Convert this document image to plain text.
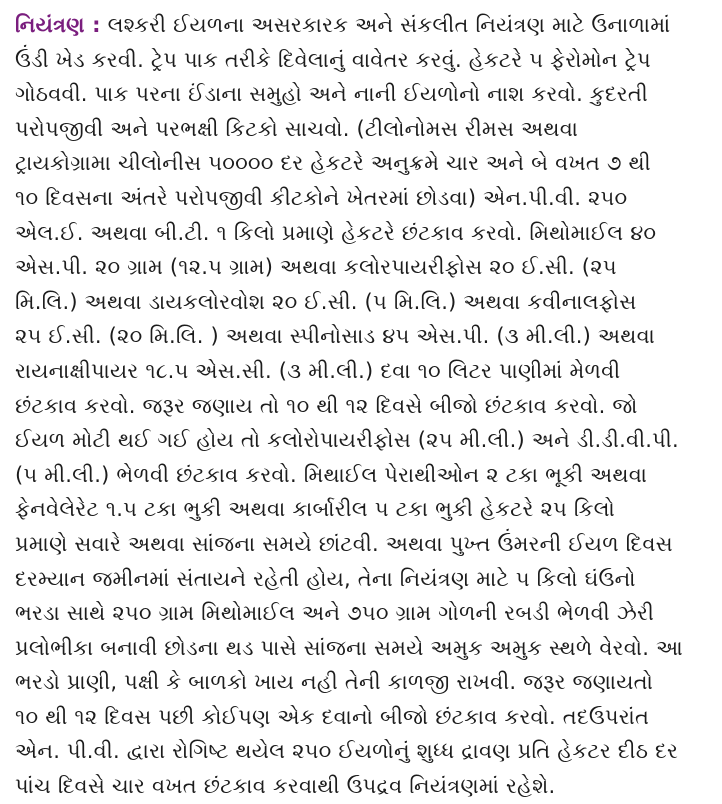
નિયંત્રણ : લશ્કરી ઈયળના અસરકારક અને સંકલીત નિયંત્રણ માટે ઉનાળામાં
ઉંડી ખેડ કરવી. ટ્રેપ પાક તરીકે દિવેલાનું વાવેતર કરવું. હેકટરે ૫ ફેરોમોન ટ્રેપ
ગોઠવવી. પાક પરના ઈંડાના સમુહો અને નાની ઈયળોનો નાશ કરવો. કુદરતી
પરોપજીવી અને પરભક્ષી કિટકો સાચવો. (ટીલોનોમસ રીમસ અથવા
ટ્રાયકોગ્રામા ચીલોનીસ ૫૦૦૦૦ દર હેકટરે અનુક્રમે ચાર અને બે વખત ૭ થી
૧૦ દિવસના અંતરે પરોપજીવી કીટકોને ખેતરમાં છોડવા) એન.પી.વી. ૨૫૦
એલ.ઈ. અથવા બી.ટી. ૧ કિલો પ્રમાણે હેકટરે છંટકાવ કરવો. મિથોમાઈલ ૪૦
એસ.પી. ૨૦ ગ્રામ (૧૨.૫ ગ્રામ) અથવા કલોરપાયરીફોસ ૨૦ ઈ.સી. (૨૫
મિ.લિ.) અથવા ડાયકલોરવોશ ૨૦ ઈ.સી. (૫ મિ.લિ.) અથવા કવીનાલફોસ
૨૫ ઈ.સી. (૨૦ મિ.લિ. ) અથવા સ્પીનોસાડ ૪૫ એસ.પી. (૩ મી.લી.) અથવા
રાયનાક્ષીપાયર ૧૮.૫ એસ.સી. (૩ મી.લી.) દવા ૧૦ લિટર પાણીમાં મેળવી
છંટકાવ કરવો. જરૂર જણાય તો ૧૦ થી ૧૨ દિવસે બીજો છંટકાવ કરવો. જો
ઈયળ મોટી થઈ ગઈ હોય તો કલોરોપાયરીફોસ (૨૫ મી.લી.) અને ડી.ડી.વી.પી.
(૫ મી.લી.) ભેળવી છંટકાવ કરવો. મિથાઈલ પેરાથીઓન ૨ ટકા ભૂકી અથવા
ફેનવેલેરેટ ૧.૫ ટકા ભુકી અથવા કાર્બારીલ ૫ ટકા ભુકી હેકટરે ૨૫ કિલો
પ્રમાણે સવારે અથવા સાંજના સમયે છાંટવી. અથવા પુખ્ત ઉંમરની ઈયળ દિવસ
દરમ્યાન જમીનમાં સંતાયને રહેતી હોય, તેના નિયંત્રણ માટે ૫ કિલો ઘંઉનો
ભરડા સાથે ૨૫૦ ગ્રામ મિથોમાઈલ અને ૭૫૦ ગ્રામ ગોળની રબડી ભેળવી ઝેરી
પ્રલોભીકા બનાવી છોડના થડ પાસે સાંજના સમયે અમુક અમુક સ્થળે વેરવો. આ
ભરડો પ્રાણી, પક્ષી કે બાળકો ખાય નહી તેની કાળજી રાખવી. જરૂર જણાયતો
૧૦ થી ૧૨ દિવસ પછી કોઈપણ એક દવાનો બીજો છંટકાવ કરવો. તદઉપરાંત
એન. પી.વી. દ્વારા રોગિષ્ટ થયેલ ૨૫૦ ઈયળોનું શુધ્ધ દ્રાવણ પ્રતિ હેકટર દીઠ દર
પાંચ દિવસે ચાર વખત છંટકાવ કરવાથી ઉપદ્રવ નિયંત્રણમાં રહેશે.
